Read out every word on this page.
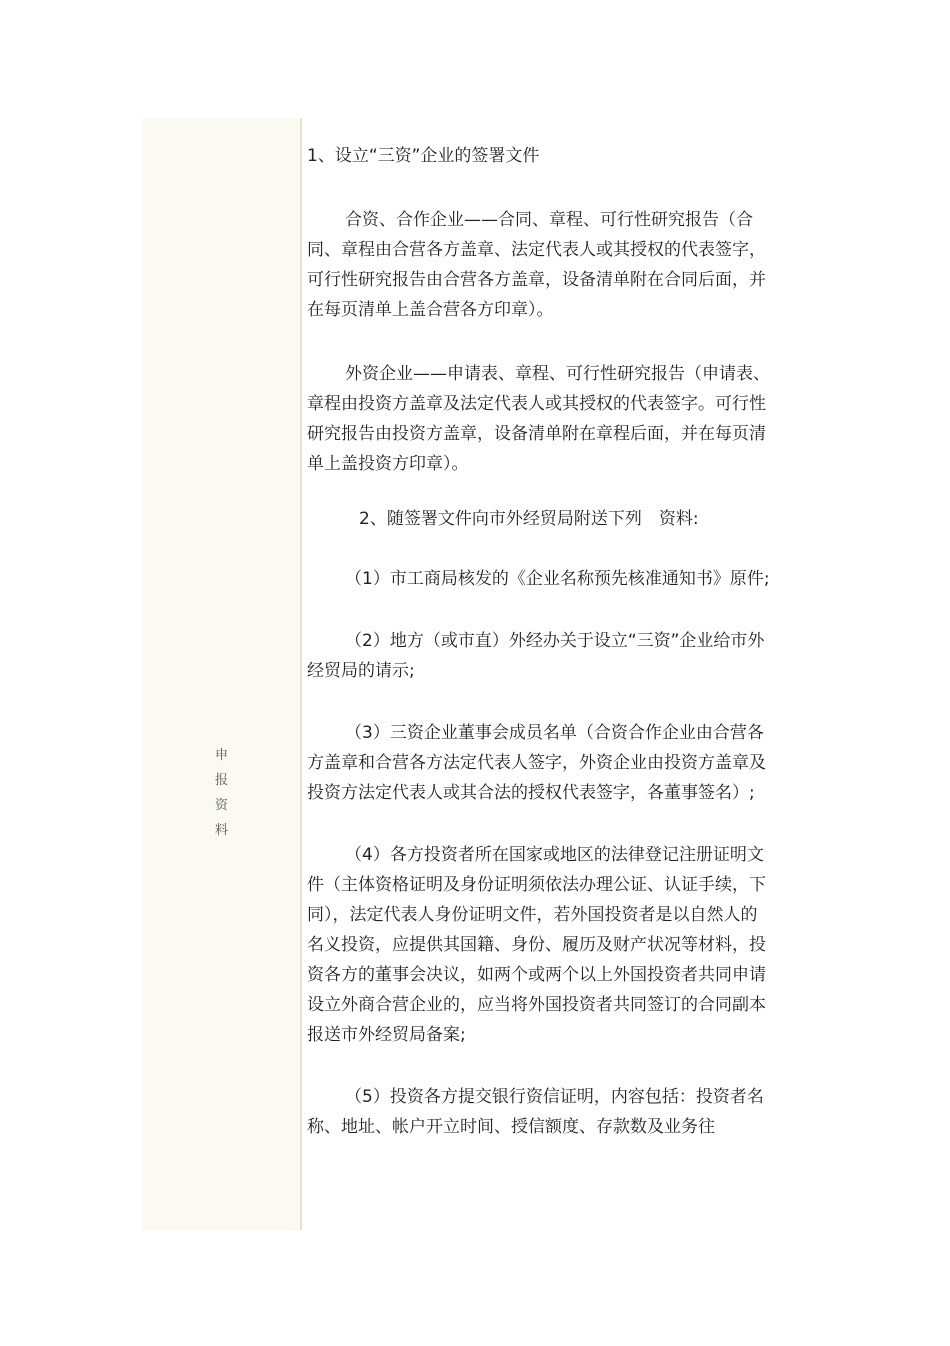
申
报
资
料

1、设立“三资”企业的签署文件

合资、合作企业——合同、章程、可行性研究报告（合同、章程由合营各方盖章、法定代表人或其授权的代表签字，可行性研究报告由合营各方盖章，设备清单附在合同后面，并在每页清单上盖合营各方印章）。

外资企业——申请表、章程、可行性研究报告（申请表、章程由投资方盖章及法定代表人或其授权的代表签字。可行性研究报告由投资方盖章，设备清单附在章程后面，并在每页清单上盖投资方印章）。

2、随签署文件向市外经贸局附送下列　资料:

（1）市工商局核发的《企业名称预先核准通知书》原件;

（2）地方（或市直）外经办关于设立“三资”企业给市外经贸局的请示;

（3）三资企业董事会成员名单（合资合作企业由合营各方盖章和合营各方法定代表人签字，外资企业由投资方盖章及投资方法定代表人或其合法的授权代表签字，各董事签名）;

（4）各方投资者所在国家或地区的法律登记注册证明文件（主体资格证明及身份证明须依法办理公证、认证手续，下同），法定代表人身份证明文件，若外国投资者是以自然人的名义投资，应提供其国籍、身份、履历及财产状况等材料，投资各方的董事会决议，如两个或两个以上外国投资者共同申请设立外商合营企业的，应当将外国投资者共同签订的合同副本报送市外经贸局备案;

（5）投资各方提交银行资信证明，内容包括：投资者名称、地址、帐户开立时间、授信额度、存款数及业务往
